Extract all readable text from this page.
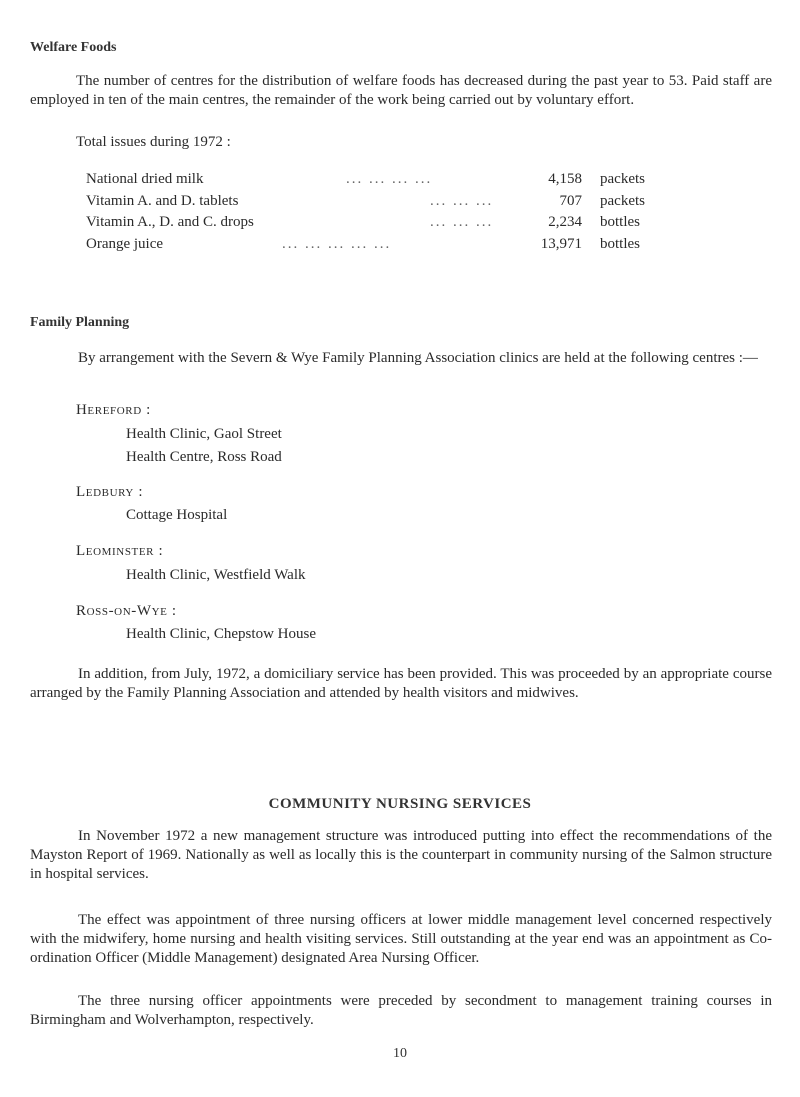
Welfare Foods
The number of centres for the distribution of welfare foods has decreased during the past year to 53. Paid staff are employed in ten of the main centres, the remainder of the work being carried out by voluntary effort.
Total issues during 1972 :
National dried milk	... ... ... ...	4,158 packets
Vitamin A. and D. tablets	... ... ...	707 packets
Vitamin A., D. and C. drops	... ... ...	2,234 bottles
Orange juice	... ... ... ... ...	13,971 bottles
Family Planning
By arrangement with the Severn & Wye Family Planning Association clinics are held at the following centres :—
Hereford :
Health Clinic, Gaol Street
Health Centre, Ross Road
Ledbury :
Cottage Hospital
Leominster :
Health Clinic, Westfield Walk
Ross-on-Wye :
Health Clinic, Chepstow House
In addition, from July, 1972, a domiciliary service has been provided. This was proceeded by an appropriate course arranged by the Family Planning Association and attended by health visitors and midwives.
COMMUNITY NURSING SERVICES
In November 1972 a new management structure was introduced putting into effect the recommendations of the Mayston Report of 1969. Nationally as well as locally this is the counterpart in community nursing of the Salmon structure in hospital services.
The effect was appointment of three nursing officers at lower middle management level concerned respectively with the midwifery, home nursing and health visiting services. Still outstanding at the year end was an appointment as Co-ordination Officer (Middle Management) designated Area Nursing Officer.
The three nursing officer appointments were preceded by secondment to management training courses in Birmingham and Wolverhampton, respectively.
10
